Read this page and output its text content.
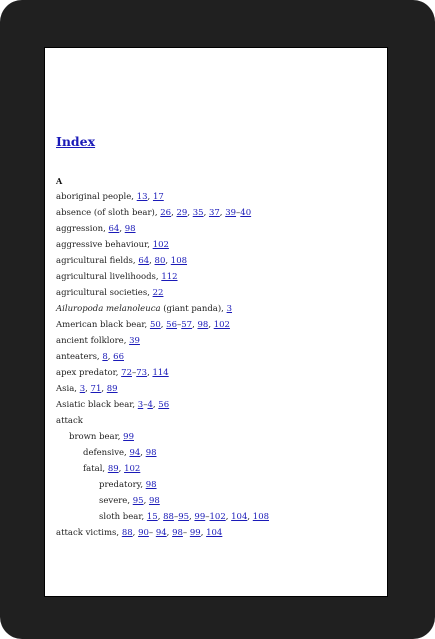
Index
A
aboriginal people, 13, 17
absence (of sloth bear), 26, 29, 35, 37, 39–40
aggression, 64, 98
aggressive behaviour, 102
agricultural fields, 64, 80, 108
agricultural livelihoods, 112
agricultural societies, 22
Ailuropoda melanoleuca (giant panda), 3
American black bear, 50, 56–57, 98, 102
ancient folklore, 39
anteaters, 8, 66
apex predator, 72–73, 114
Asia, 3, 71, 89
Asiatic black bear, 3–4, 56
attack
brown bear, 99
defensive, 94, 98
fatal, 89, 102
predatory, 98
severe, 95, 98
sloth bear, 15, 88–95, 99–102, 104, 108
attack victims, 88, 90– 94, 98– 99, 104
